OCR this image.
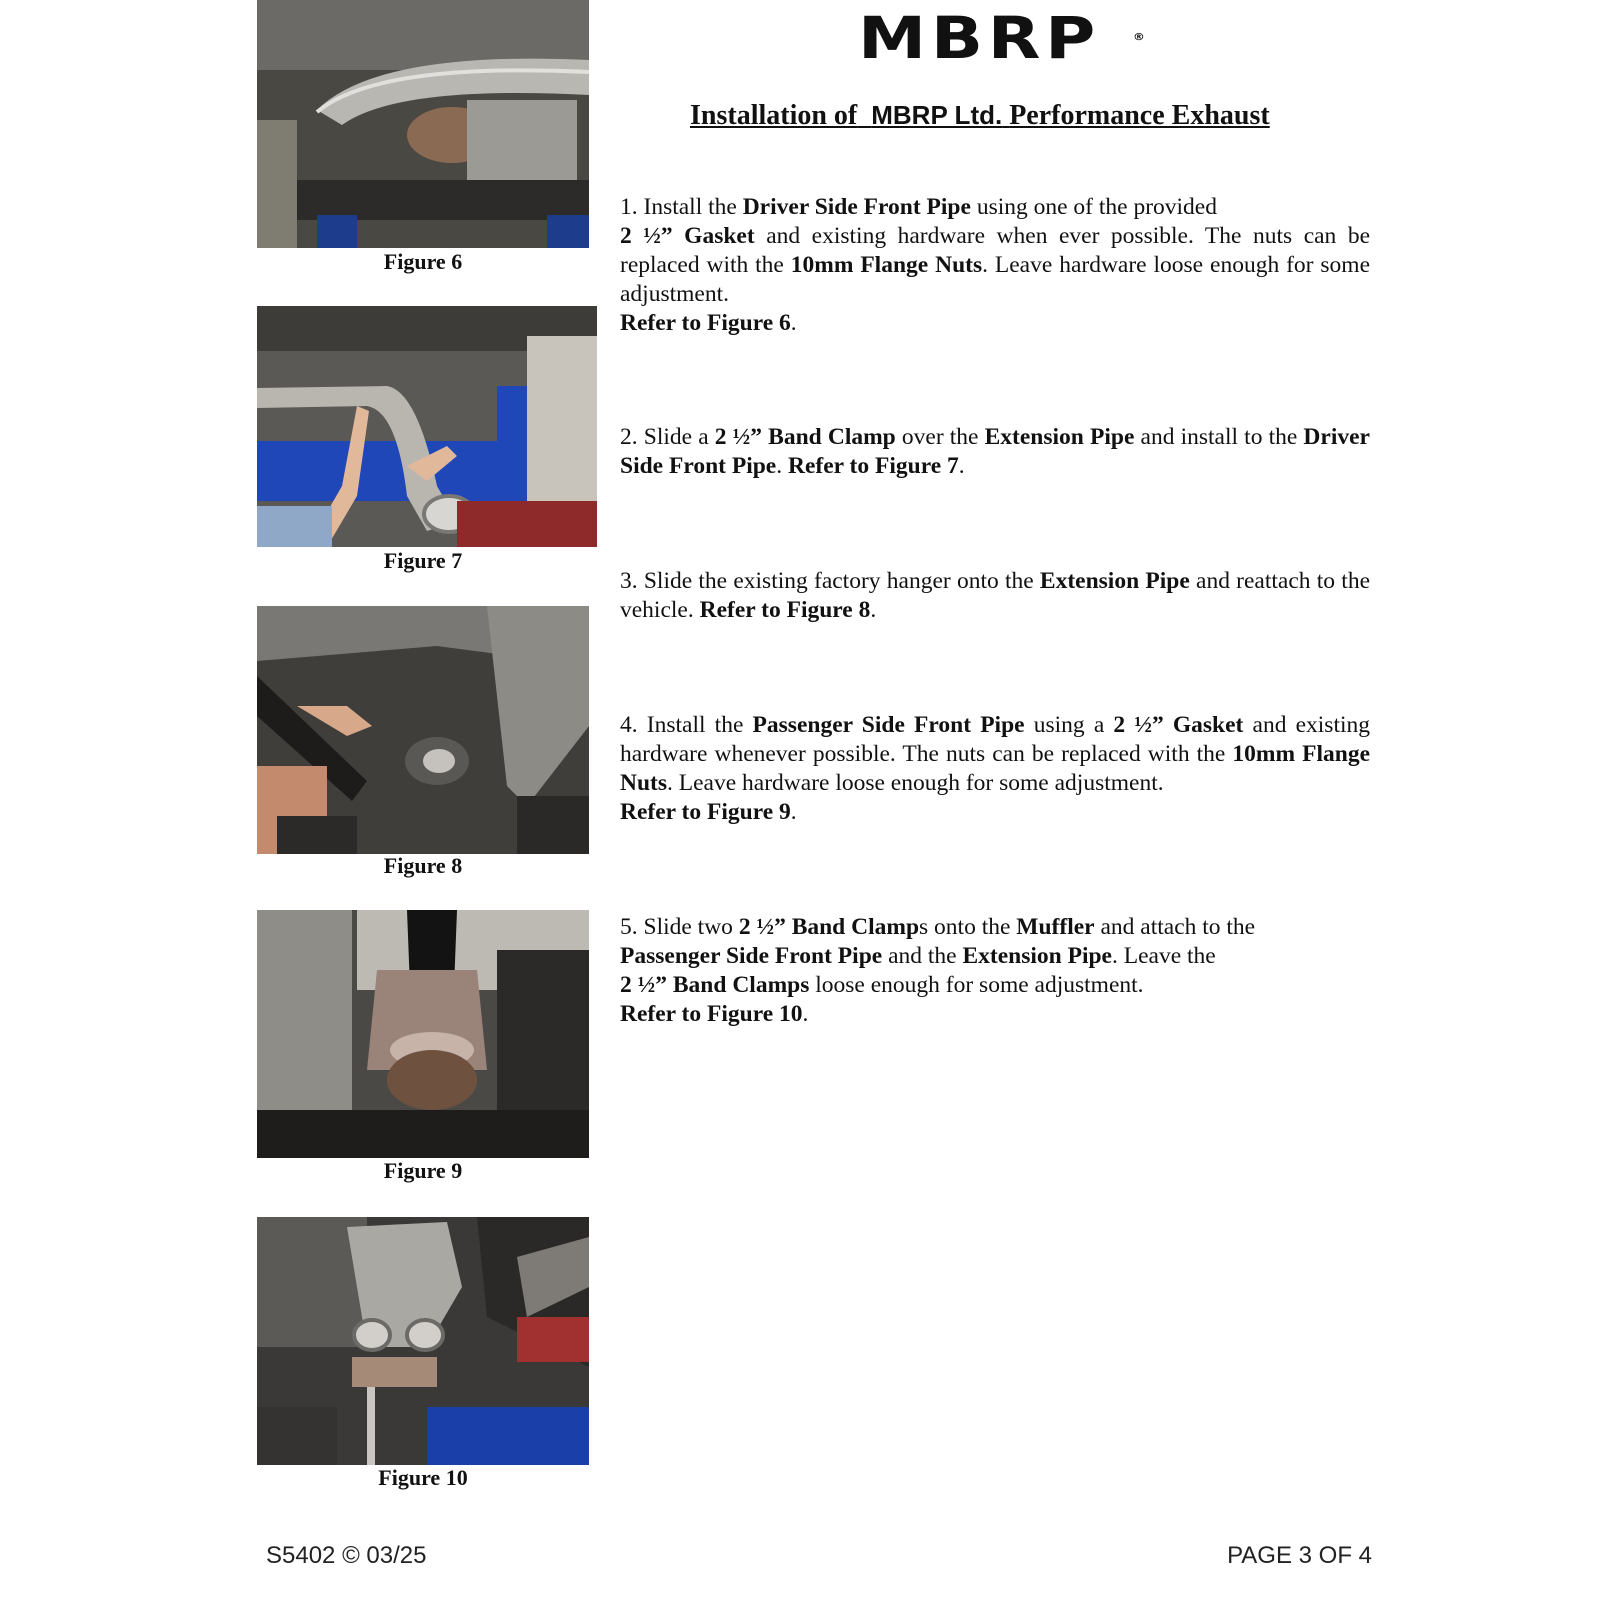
MBRP	®
Installation of MBRP Ltd. Performance Exhaust
Figure 6
Figure 7
Figure 8
Figure 9
Figure 10
1. Install the Driver Side Front Pipe using one of the provided
2 ½” Gasket and existing hardware when ever possible. The nuts can be replaced with the 10mm Flange Nuts. Leave hardware loose enough for some adjustment.
Refer to Figure 6.
2. Slide a 2 ½” Band Clamp over the Extension Pipe and install to the Driver Side Front Pipe. Refer to Figure 7.
3. Slide the existing factory hanger onto the Extension Pipe and reattach to the vehicle. Refer to Figure 8.
4. Install the Passenger Side Front Pipe using a 2 ½” Gasket and existing hardware whenever possible. The nuts can be replaced with the 10mm Flange Nuts. Leave hardware loose enough for some adjustment.
Refer to Figure 9.
5. Slide two 2 ½” Band Clamps onto the Muffler and attach to the
Passenger Side Front Pipe and the Extension Pipe. Leave the
2 ½” Band Clamps loose enough for some adjustment.
Refer to Figure 10.
S5402 © 03/25	PAGE 3 OF 4
